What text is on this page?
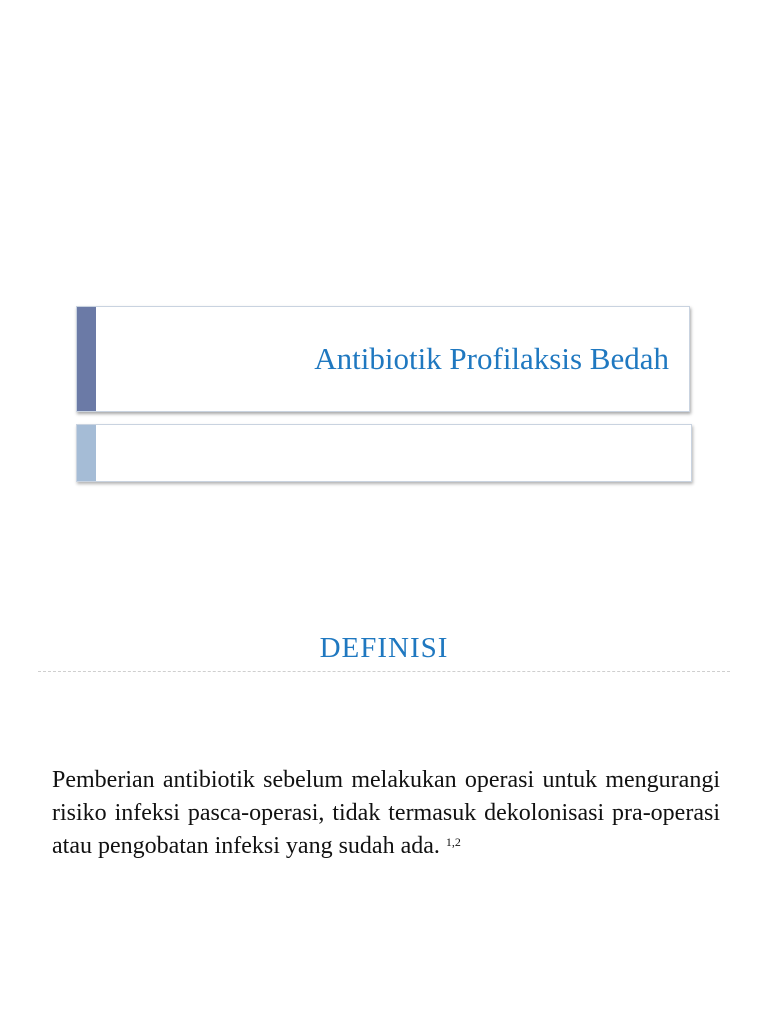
Antibiotik Profilaksis Bedah
DEFINISI
Pemberian antibiotik sebelum melakukan operasi untuk mengurangi risiko infeksi pasca-operasi, tidak termasuk dekolonisasi pra-operasi atau pengobatan infeksi yang sudah ada. $^{1,2}$
